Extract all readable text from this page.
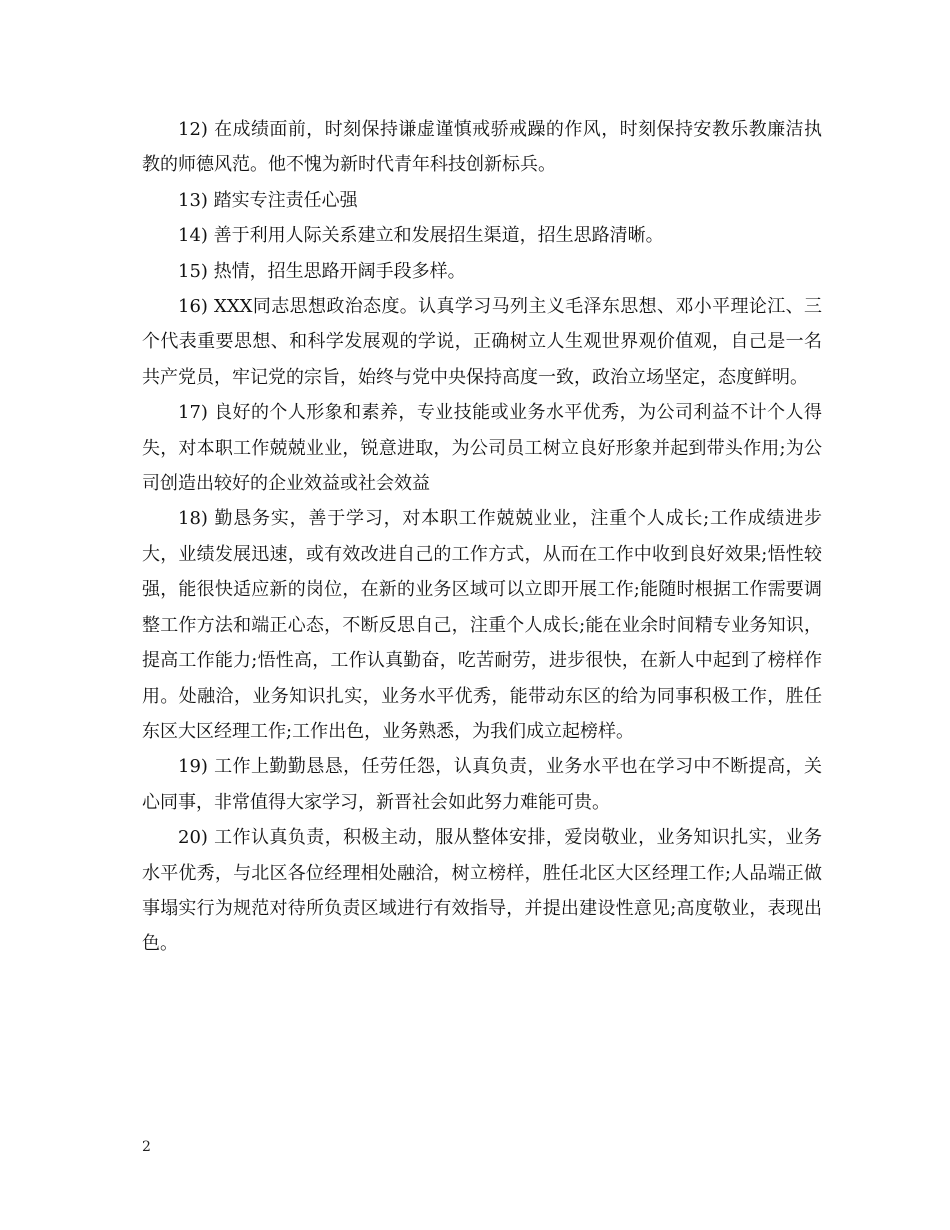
12) 在成绩面前，时刻保持谦虚谨慎戒骄戒躁的作风，时刻保持安教乐教廉洁执教的师德风范。他不愧为新时代青年科技创新标兵。

13) 踏实专注责任心强

14) 善于利用人际关系建立和发展招生渠道，招生思路清晰。

15) 热情，招生思路开阔手段多样。

16) XXX同志思想政治态度。认真学习马列主义毛泽东思想、邓小平理论江、三个代表重要思想、和科学发展观的学说，正确树立人生观世界观价值观，自己是一名共产党员，牢记党的宗旨，始终与党中央保持高度一致，政治立场坚定，态度鲜明。

17) 良好的个人形象和素养，专业技能或业务水平优秀，为公司利益不计个人得失，对本职工作兢兢业业，锐意进取，为公司员工树立良好形象并起到带头作用;为公司创造出较好的企业效益或社会效益

18) 勤恳务实，善于学习，对本职工作兢兢业业，注重个人成长;工作成绩进步大，业绩发展迅速，或有效改进自己的工作方式，从而在工作中收到良好效果;悟性较强，能很快适应新的岗位，在新的业务区域可以立即开展工作;能随时根据工作需要调整工作方法和端正心态，不断反思自己，注重个人成长;能在业余时间精专业务知识，提高工作能力;悟性高，工作认真勤奋，吃苦耐劳，进步很快，在新人中起到了榜样作用。处融洽，业务知识扎实，业务水平优秀，能带动东区的给为同事积极工作，胜任东区大区经理工作;工作出色，业务熟悉，为我们成立起榜样。

19) 工作上勤勤恳恳，任劳任怨，认真负责，业务水平也在学习中不断提高，关心同事，非常值得大家学习，新晋社会如此努力难能可贵。

20) 工作认真负责，积极主动，服从整体安排，爱岗敬业，业务知识扎实，业务水平优秀，与北区各位经理相处融洽，树立榜样，胜任北区大区经理工作;人品端正做事塌实行为规范对待所负责区域进行有效指导，并提出建设性意见;高度敬业，表现出色。

2
